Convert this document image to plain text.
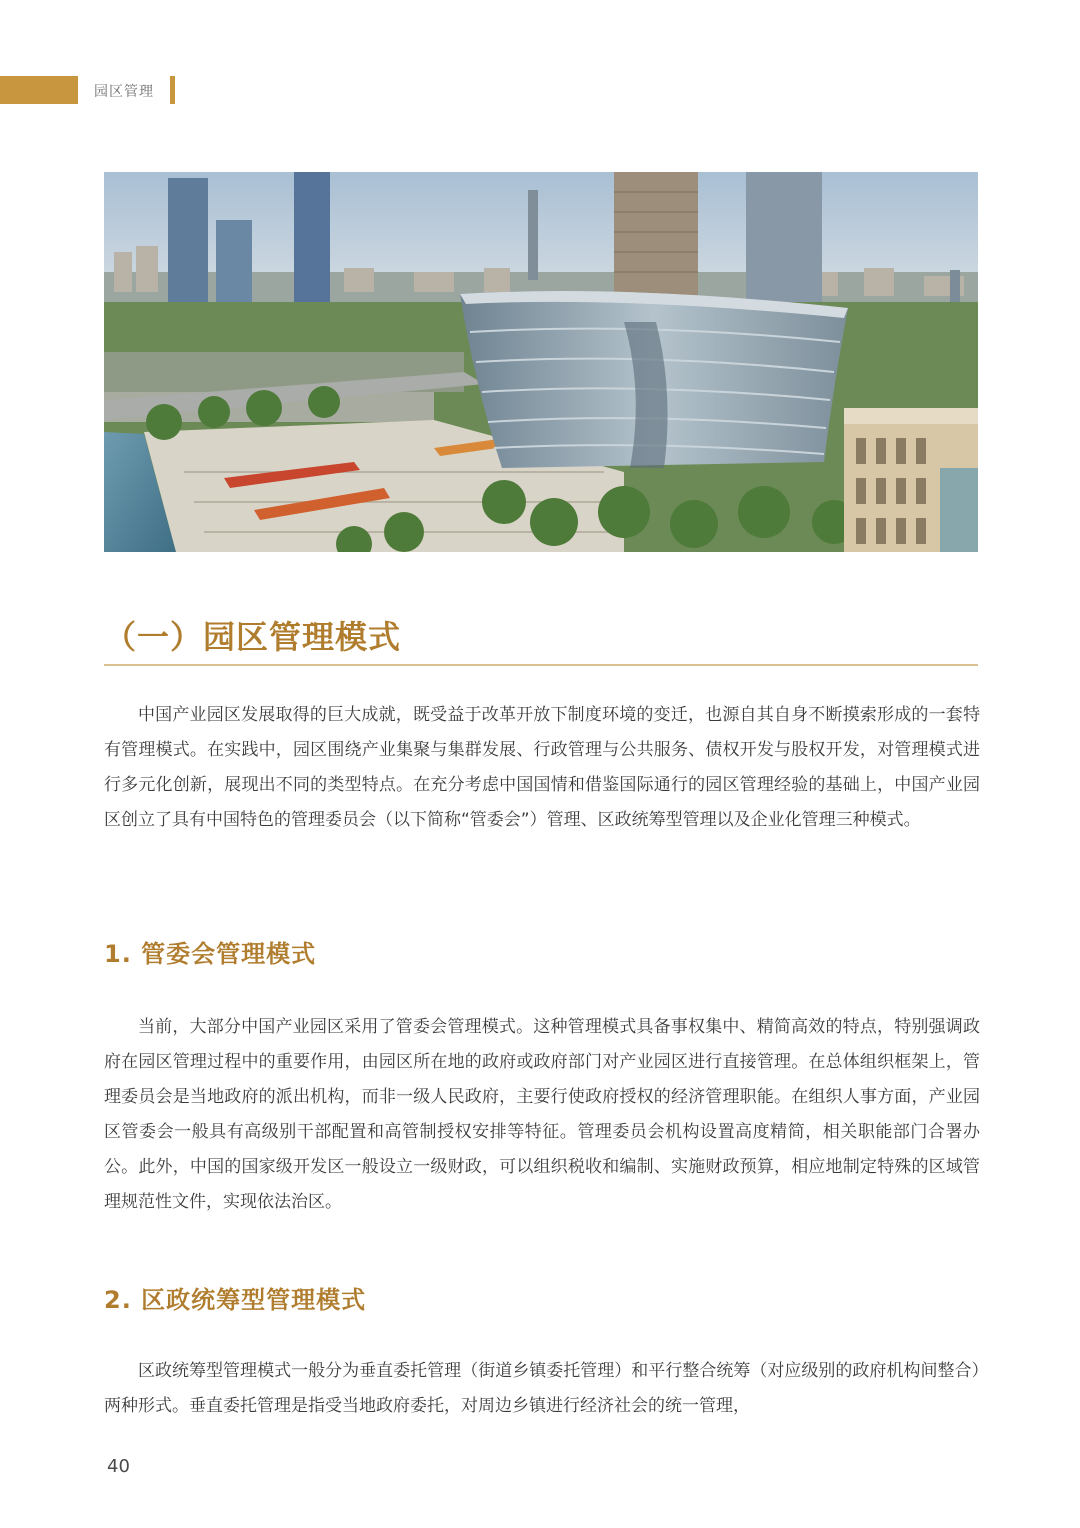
园区管理
（一）园区管理模式

中国产业园区发展取得的巨大成就，既受益于改革开放下制度环境的变迁，也源自其自身不断摸索形成的一套特有管理模式。在实践中，园区围绕产业集聚与集群发展、行政管理与公共服务、债权开发与股权开发，对管理模式进行多元化创新，展现出不同的类型特点。在充分考虑中国国情和借鉴国际通行的园区管理经验的基础上，中国产业园区创立了具有中国特色的管理委员会（以下简称“管委会”）管理、区政统筹型管理以及企业化管理三种模式。

1. 管委会管理模式

当前，大部分中国产业园区采用了管委会管理模式。这种管理模式具备事权集中、精简高效的特点，特别强调政府在园区管理过程中的重要作用，由园区所在地的政府或政府部门对产业园区进行直接管理。在总体组织框架上，管理委员会是当地政府的派出机构，而非一级人民政府，主要行使政府授权的经济管理职能。在组织人事方面，产业园区管委会一般具有高级别干部配置和高管制授权安排等特征。管理委员会机构设置高度精简，相关职能部门合署办公。此外，中国的国家级开发区一般设立一级财政，可以组织税收和编制、实施财政预算，相应地制定特殊的区域管理规范性文件，实现依法治区。

2. 区政统筹型管理模式

区政统筹型管理模式一般分为垂直委托管理（街道乡镇委托管理）和平行整合统筹（对应级别的政府机构间整合）两种形式。垂直委托管理是指受当地政府委托，对周边乡镇进行经济社会的统一管理，

40
